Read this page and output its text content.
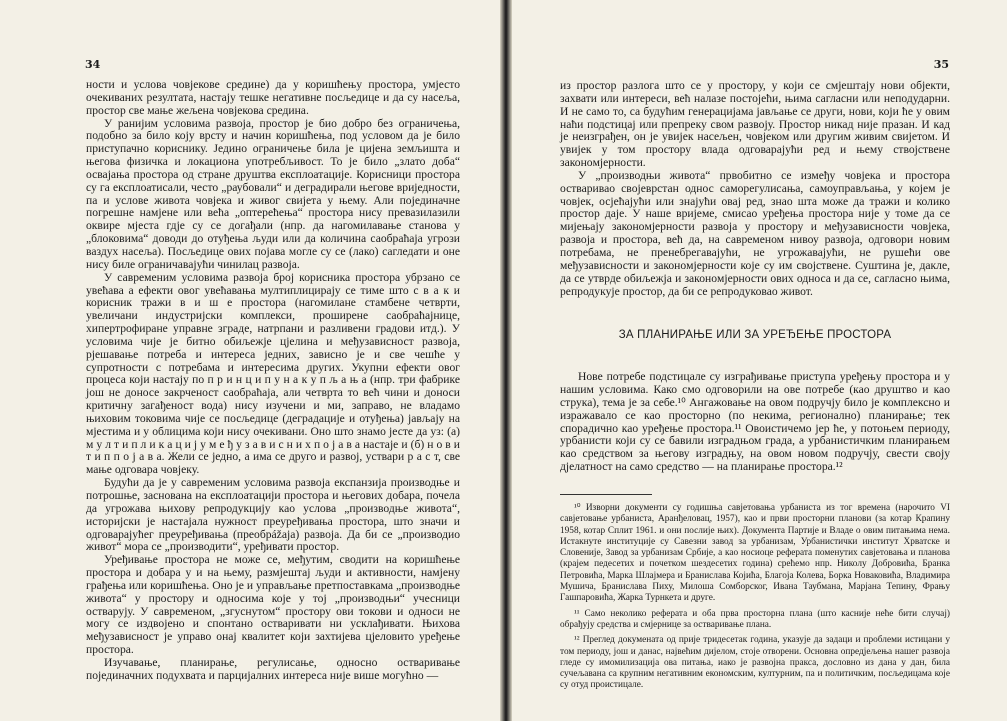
34

ности и услова човјекове средине) да у коришћењу простора, умјесто очекиваних резултата, настају тешке негативне посљедице и да су насеља, простор све мање жељена човјекова средина.

У ранијим условима развоја, простор је био добро без ограничења, подобно за било коју врсту и начин коришћења, под условом да је било приступачно кориснику. Једино ограничење била је цијена земљишта и његова физичка и локациона употребљивост. То је било „злато доба“ освајања простора од стране друштва експлоатације. Корисници простора су га експлоатисали, често „раубовали“ и деградирали његове вриједности, па и услове живота човјека и живог свијета у њему. Али појединачне погрешне намјене или већа „оптерећења“ простора нису превазилазили оквире мјеста гдје су се догађали (нпр. да нагомилавање станова у „блоковима“ доводи до отуђења људи или да количина саобраћаја угрози ваздух насеља). Посљедице ових појава могле су се (лако) сагледати и оне нису биле ограничавајући чинилац развоја.

У савременим условима развоја број корисника простора убрзано се увећава а ефекти овог увећавања мултиплицирају се тиме што с в а к и корисник тражи в и ш е простора (нагомилане стамбене четврти, увеличани индустријски комплекси, проширене саобраћајнице, хипертрофиране управне зграде, натрпани и разливени градови итд.). У условима чије је битно обиљежје цјелина и међузависност развоја, рјешавање потреба и интереса једних, зависно је и све чешће у супротности с потребама и интересима других. Укупни ефекти овог процеса који настају по п р и н ц и п у н а к у п љ а њ а (нпр. три фабрике још не доносе закрченост саобраћаја, али четврта то већ чини и доноси критичну загађеност вода) нису изучени и ми, заправо, не владамо њиховим токовима чије се посљедице (деградације и отуђења) јављају на мјестима и у облицима који нису очекивани. Оно што знамо јесте да уз: (а) м у л т и п л и к а ц и ј у м е ђ у з а в и с н и х п о ј а в а настаје и (б) н о в и т и п п о ј а в а. Жели се једно, а има се друго и развој, уствари р а с т, све мање одговара човјеку.

Будући да је у савременим условима развоја експанзија производње и потрошње, заснована на експлоатацији простора и његових добара, почела да угрожава њихову репродукцију као услова „производње живота“, историјски је настајала нужност преуређивања простора, што значи и одговарајућег преуређивања (преобрážaja) развоја. Да би се „производио живот“ мора се „производити“, уређивати простор.

Уређивање простора не може се, међутим, сводити на коришћење простора и добара у и на њему, размјештај људи и активности, намјену грађења или коришћења. Оно је и управљање претпоставкама „производње живота“ у простору и односима које у тој „производњи“ учесници остварују. У савременом, „згуснутом“ простору ови токови и односи не могу се издвојено и спонтано остваривати ни усклађивати. Њихова међузависност је управо онај квалитет који захтијева цјеловито уређење простора.

Изучавање, планирање, регулисање, односно остваривање појединачних подухвата и парцијалних интереса није више могућно —

35

из простор разлога што се у простору, у који се смјештају нови објекти, захвати или интереси, већ налазе постојећи, њима сагласни или неподударни. И не само то, са будућим генерацијама јављање се други, нови, који ће у овим наћи подстицај или препреку свом развоју. Простор никад није празан. И кад је неизграђен, он је увијек насељен, човјеком или другим живим свијетом. И увијек у том простору влада одговарајући ред и њему ствојствене законoмјерности.

У „производњи живота“ првобитно се између човјека и простора остваривао својеврстан однос саморегулисања, самоуправљања, у којем је човјек, осјећајући или знајући овај ред, знао шта може да тражи и колико простор даје. У наше вријеме, смисао уређења простора није у томе да се мијењају законoмјерности развоја у простору и међузависности човјека, развоја и простора, већ да, на савременом нивоу развоја, одговори новим потребама, не пренебрегавајући, не угрожавајући, не рушећи ове међузависности и законoмјерности које су им својствене. Суштина је, дакле, да се утврде обиљежја и законoмјерности ових односа и да се, сагласно њима, репродукује простор, да би се репродуковао живот.

ЗА ПЛАНИРАЊЕ ИЛИ ЗА УРЕЂЕЊЕ ПРОСТОРА

Нове потребе подстицале су изграђивање приступа уређењу простора и у нашим условима. Како смо одговорили на ове потребе (као друштво и као струка), тема је за себе.¹⁰ Ангажовање на овом подручју било је комплексно и изражавало се као просторно (по некима, регионално) планирање; тек спорадично као уређење простора.¹¹ Овоистичемо јер ће, у потоњем периоду, урбанисти који су се бавили изградњом града, а урбанистичким планирањем као средством за његову изградњу, на овом новом подручју, свести своју дјелатност на само средство — на планирање простора.¹²

¹⁰ Изворни документи су годишња савјетовања урбаниста из тог времена (нарочито VI савјетовање урбаниста, Аранђеловац, 1957), као и први просторни планови (за котар Крапину 1958, котар Сплит 1961. и они послије њих). Документа Партије и Владе о овим питањима нема. Истакнуте институције су Савезни завод за урбанизам, Урбанистички институт Хрватске и Словеније, Завод за урбанизам Србије, а као носиоце реферата поменутих савјетовања и планова (крајем педесетих и почетком шездесетих година) срећемо нпр. Николу Добровића, Бранка Петровића, Марка Шлајмера и Бранислава Којића, Благоја Колева, Борка Новаковића, Владимира Мушича, Бранислава Пиху, Милоша Сомборског, Ивана Таубмана, Марјана Тепину, Фрању Гашпаровића, Жарка Турнкета и друге.

¹¹ Само неколико реферата и оба прва просторна плана (што касније неће бити случај) обрађују средства и смјернице за остваривање плана.

¹² Преглед докумената од прије тридесетак година, указује да задаци и проблеми истицани у том периоду, још и данас, највећим дијелом, стоје отворени. Основна опредјељења нашег развоја гледе су имомилизација ова питања, иако је развојна пракса, дословно из дана у дан, била сучељавана са крупним негативним економским, културним, па и политичким, посљедицама које су отуд проистицале.
